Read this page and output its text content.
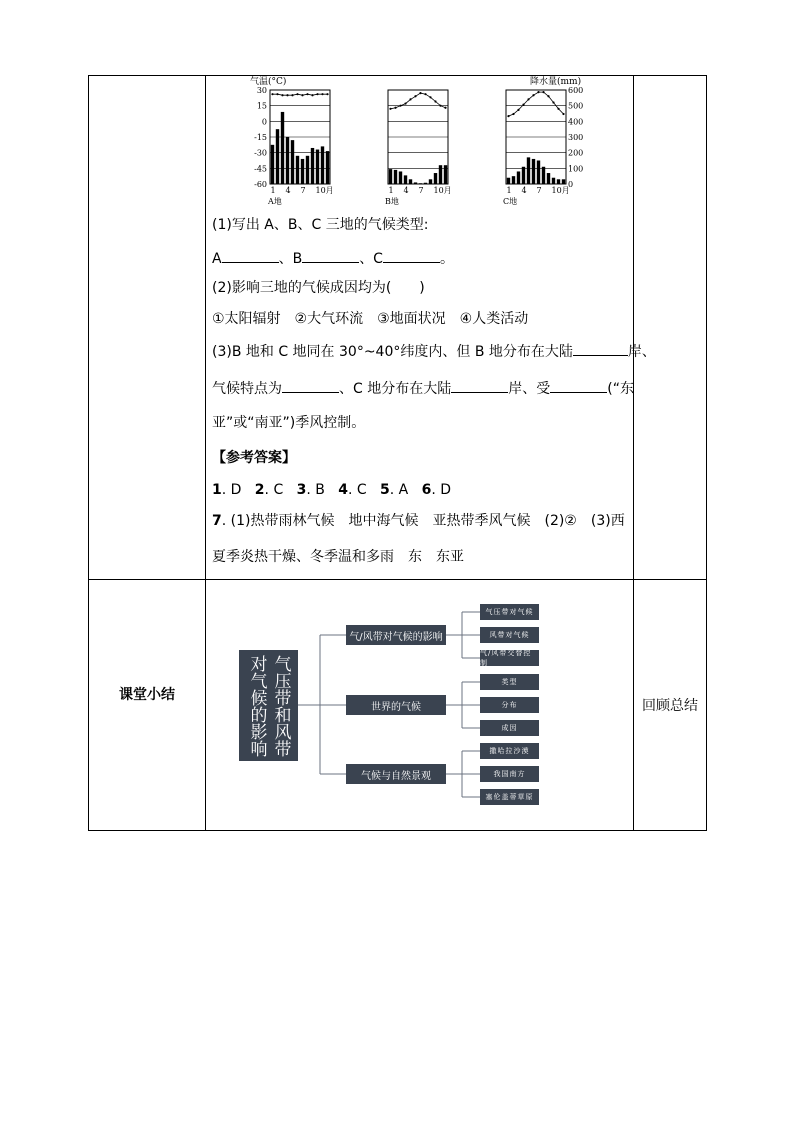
气温(°C)	降水量(mm)
30
15
0
-15
-30
-45
-60
600
500
400
300
200
100
0
1 4 7 10月	1 4 7 10月	1 4 7 10月
A地	B地	C地
(1)写出 A、B、C 三地的气候类型:
A	、B	、C	。
(2)影响三地的气候成因均为(　　)
①太阳辐射　②大气环流　③地面状况　④人类活动
(3)B 地和 C 地同在 30°~40°纬度内、但 B 地分布在大陆	岸、
气候特点为	、C 地分布在大陆	岸、受	(“东
亚”或“南亚”)季风控制。
【参考答案】
1. D 2. C 3. B 4. C 5. A 6. D
7. (1)热带雨林气候　地中海气候　亚热带季风气候　(2)②　(3)西
夏季炎热干燥、冬季温和多雨　东　东亚
课堂小结
回顾总结
气压带和风带
对气候的影响
气/风带对气候的影响
世界的气候
气候与自然景观
气压带对气候
风带对气候
气/风带交替控制
类型
分布
成因
撒哈拉沙漠
我国南方
塞伦盖蒂草原
